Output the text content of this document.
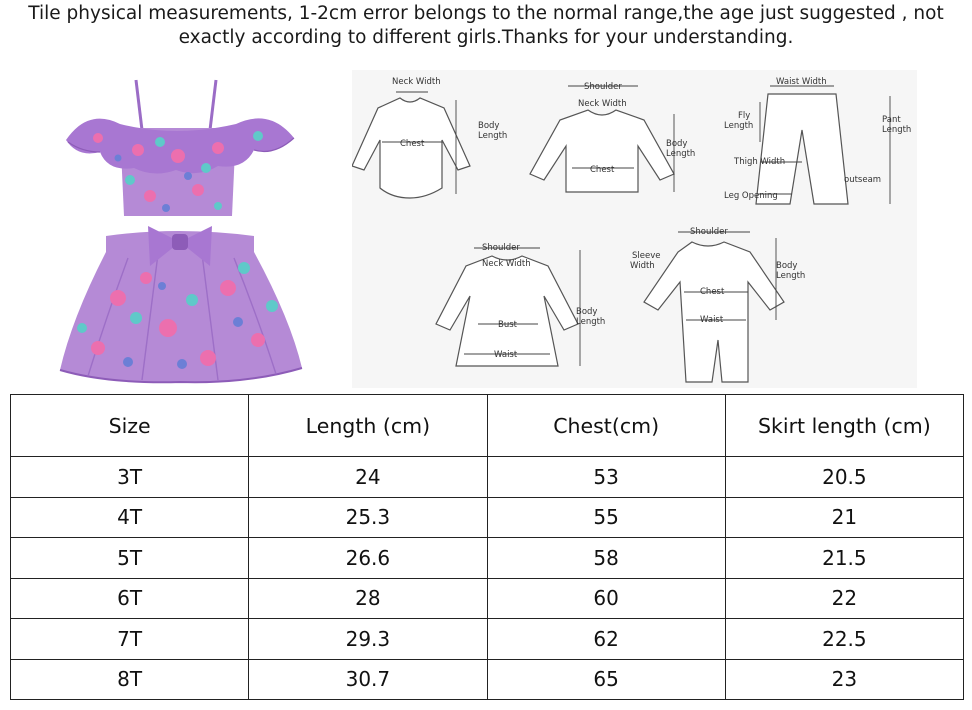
Tile physical measurements, 1-2cm error belongs to the normal range,the age just suggested , not
exactly according to different girls.Thanks for your understanding.
Neck Width
Chest
Body
Length
Shoulder
Neck Width
Chest
Body
Length
Waist Width
Fly
Length
Pant
Length
Thigh Width
outseam
Leg Opening
Shoulder
Neck Width
Bust
Waist
Body
Length
Shoulder
Sleeve
Width
Chest
Waist
Body
Length
Size	Length (cm)	Chest(cm)	Skirt length (cm)
3T	24	53	20.5
4T	25.3	55	21
5T	26.6	58	21.5
6T	28	60	22
7T	29.3	62	22.5
8T	30.7	65	23
